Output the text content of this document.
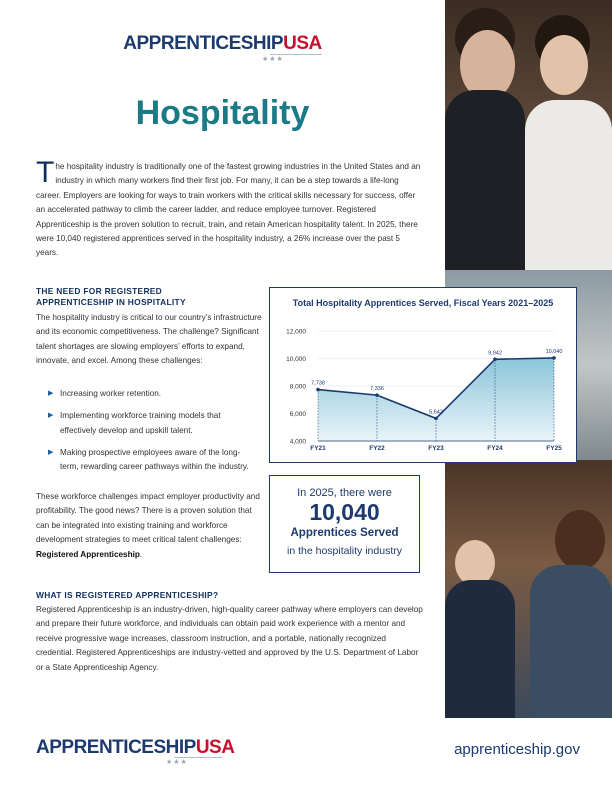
APPRENTICESHIPUSA
★★★
Hospitality
The hospitality industry is traditionally one of the fastest growing industries in the United States and an industry in which many workers find their first job. For many, it can be a step towards a life-long career. Employers are looking for ways to train workers with the critical skills necessary for success, offer an accelerated pathway to climb the career ladder, and reduce employee turnover. Registered Apprenticeship is the proven solution to recruit, train, and retain American hospitality talent. In 2025, there were 10,040 registered apprentices served in the hospitality industry, a 26% increase over the past 5 years.
THE NEED FOR REGISTERED
APPRENTICESHIP IN HOSPITALITY
The hospitality industry is critical to our country’s infrastructure and its economic competitiveness. The challenge? Significant talent shortages are slowing employers’ efforts to expand, innovate, and excel. Among these challenges:
▶ Increasing worker retention.
▶ Implementing workforce training models that effectively develop and upskill talent.
▶ Making prospective employees aware of the long-term, rewarding career pathways within the industry.
These workforce challenges impact employer productivity and profitability. The good news? There is a proven solution that can be integrated into existing training and workforce development strategies to meet critical talent challenges: Registered Apprenticeship.
Total Hospitality Apprentices Served, Fiscal Years 2021–2025
12,000
10,000
8,000
6,000
4,000
7,738
FY21
7,336
FY22
5,642
FY23
9,942
FY24
10,040
FY25
In 2025, there were
10,040
Apprentices Served
in the hospitality industry
WHAT IS REGISTERED APPRENTICESHIP?
Registered Apprenticeship is an industry-driven, high-quality career pathway where employers can develop and prepare their future workforce, and individuals can obtain paid work experience with a mentor and receive progressive wage increases, classroom instruction, and a portable, nationally recognized credential. Registered Apprenticeships are industry-vetted and approved by the U.S. Department of Labor or a State Apprenticeship Agency.
APPRENTICESHIPUSA
★★★
apprenticeship.gov
